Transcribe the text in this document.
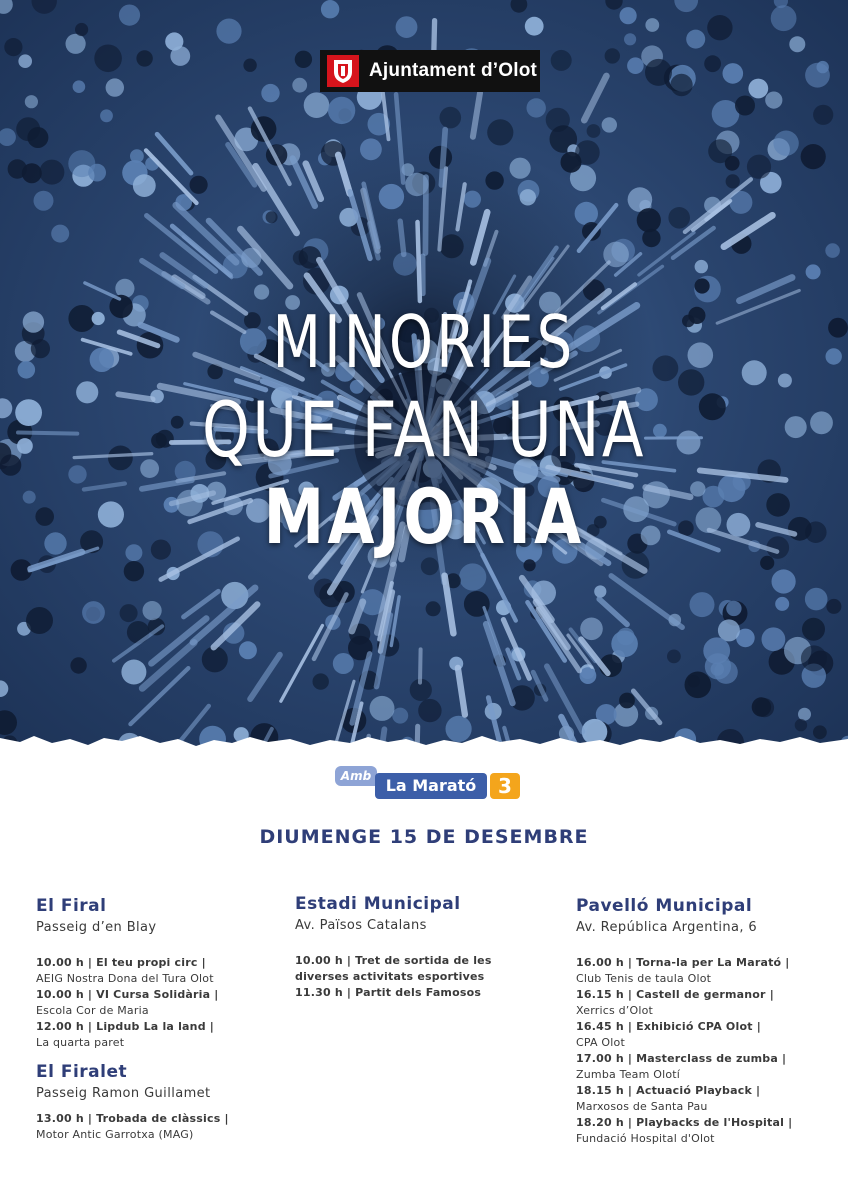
Ajuntament d’Olot
MINORIES
QUE FAN UNA
MAJORIA
Amb La Marató	3
DIUMENGE 15 DE DESEMBRE

El Firal

Passeig d’en Blay

10.00 h | El teu propi circ |
AEIG Nostra Dona del Tura Olot
10.00 h | VI Cursa Solidària |
Escola Cor de Maria
12.00 h | Lipdub La la land |
La quarta paret

El Firalet

Passeig Ramon Guillamet

13.00 h | Trobada de clàssics |
Motor Antic Garrotxa (MAG)

Estadi Municipal

Av. Països Catalans

10.00 h | Tret de sortida de les diverses activitats esportives
11.30 h | Partit dels Famosos

Pavelló Municipal

Av. República Argentina, 6

16.00 h | Torna-la per La Marató |
Club Tenis de taula Olot
16.15 h | Castell de germanor |
Xerrics d’Olot
16.45 h | Exhibició CPA Olot |
CPA Olot
17.00 h | Masterclass de zumba |
Zumba Team Olotí
18.15 h | Actuació Playback |
Marxosos de Santa Pau
18.20 h | Playbacks de l'Hospital |
Fundació Hospital d'Olot
